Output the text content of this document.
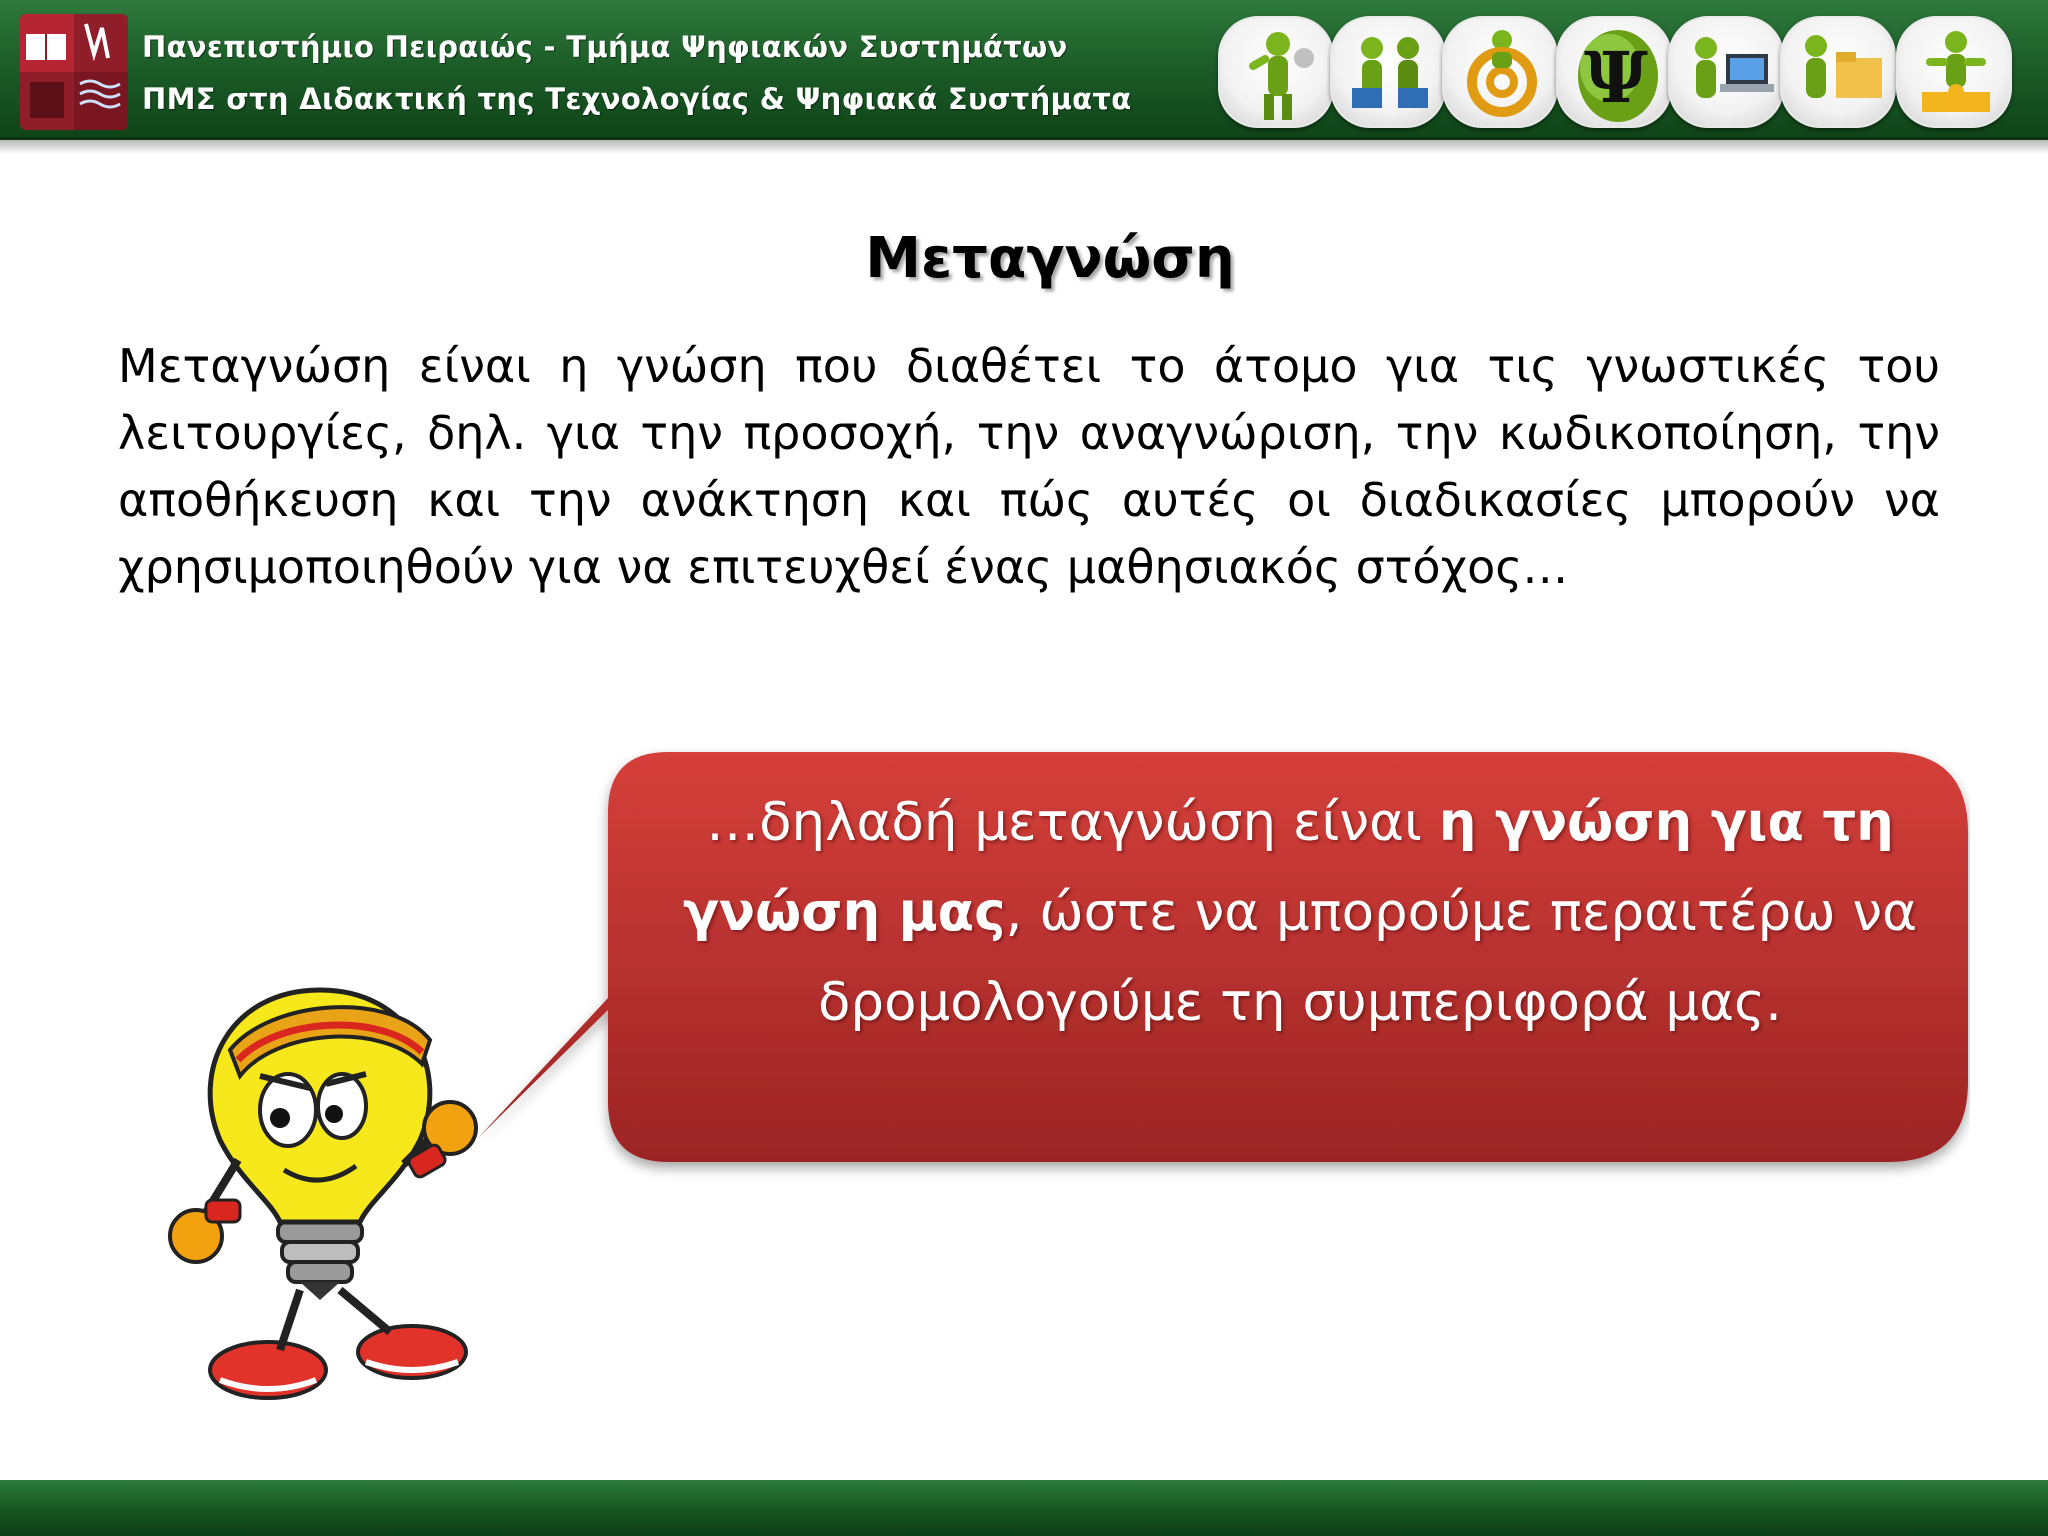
Πανεπιστήμιο Πειραιώς - Τμήμα Ψηφιακών Συστημάτων
ΠΜΣ στη Διδακτική της Τεχνολογίας & Ψηφιακά Συστήματα	Ψ
Μεταγνώση
Μεταγνώση είναι η γνώση που διαθέτει το άτομο για τις γνωστικές του λειτουργίες, δηλ. για την προσοχή, την αναγνώριση, την κωδικοποίηση, την αποθήκευση και την ανάκτηση και πώς αυτές οι διαδικασίες μπορούν να χρησιμοποιηθούν για να επιτευχθεί ένας μαθησιακός στόχος…
…δηλαδή μεταγνώση είναι η γνώση για τη γνώση μας, ώστε να μπορούμε περαιτέρω να δρομολογούμε τη συμπεριφορά μας.
